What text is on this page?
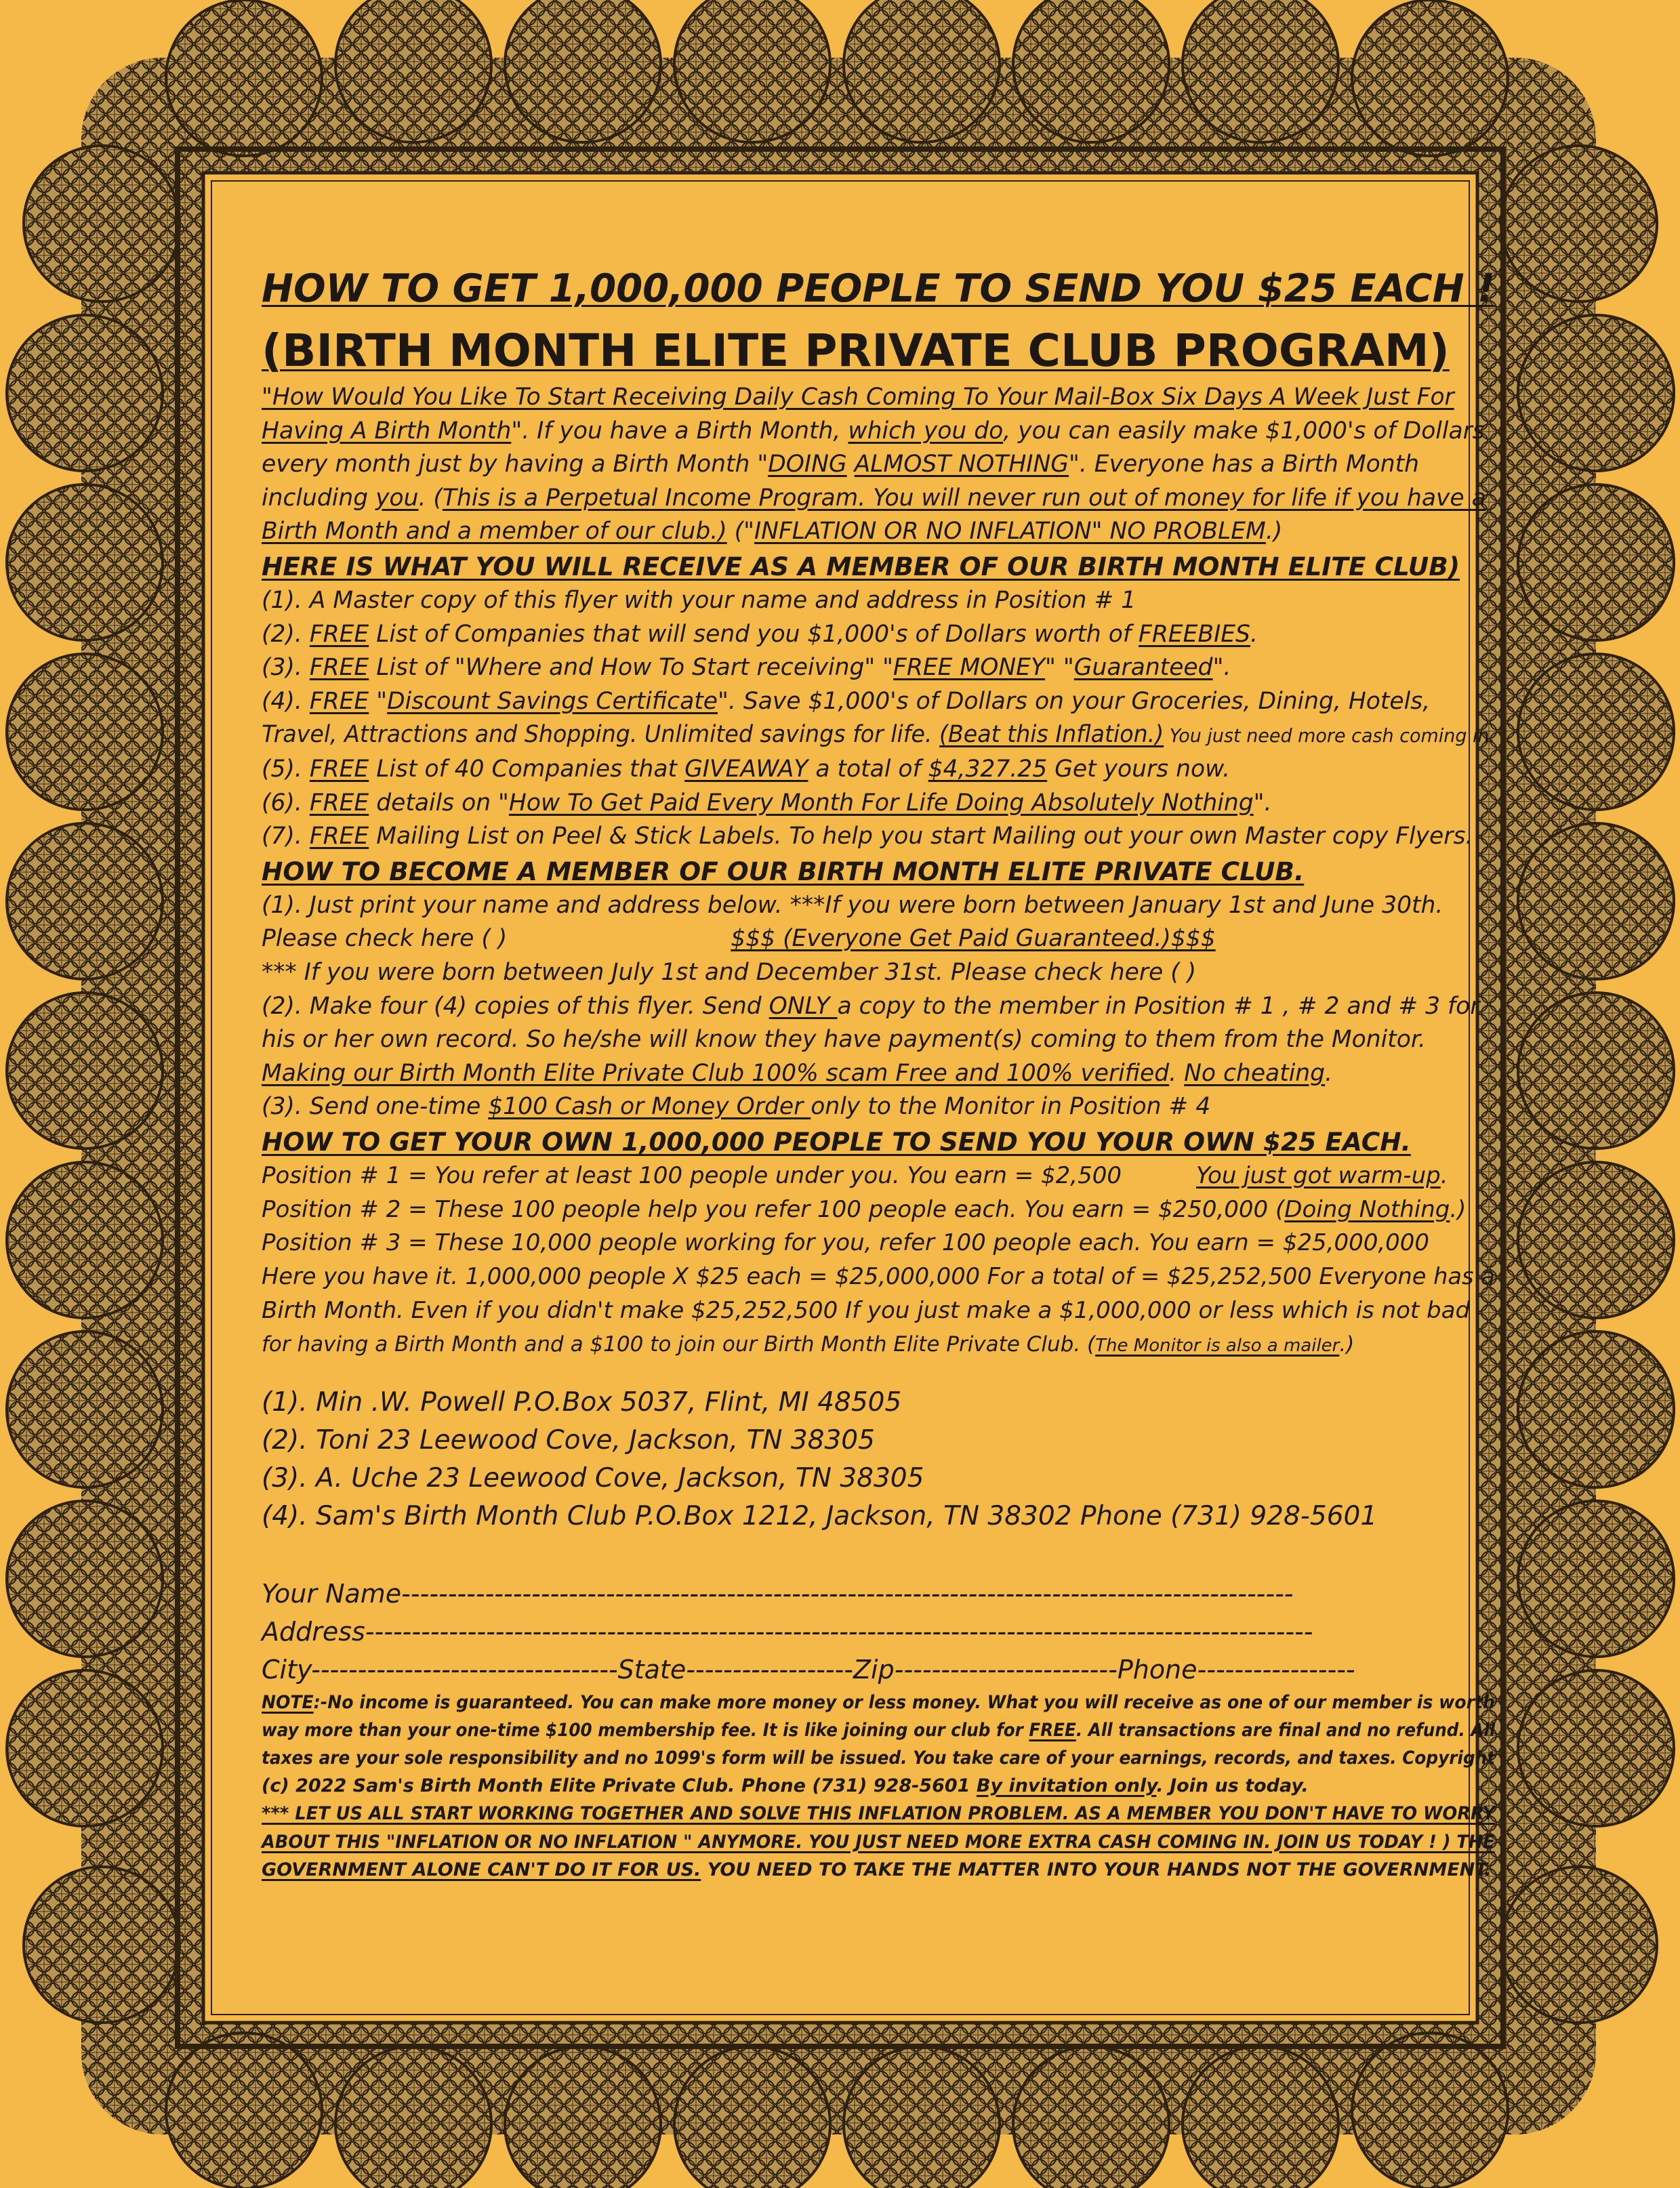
HOW TO GET 1,000,000 PEOPLE TO SEND YOU $25 EACH !
(BIRTH MONTH ELITE PRIVATE CLUB PROGRAM)
"How Would You Like To Start Receiving Daily Cash Coming To Your Mail-Box Six Days A Week Just For
Having A Birth Month". If you have a Birth Month, which you do, you can easily make $1,000's of Dollars
every month just by having a Birth Month "DOING ALMOST NOTHING". Everyone has a Birth Month
including you. (This is a Perpetual Income Program. You will never run out of money for life if you have a
Birth Month and a member of our club.) ("INFLATION OR NO INFLATION" NO PROBLEM.)
HERE IS WHAT YOU WILL RECEIVE AS A MEMBER OF OUR BIRTH MONTH ELITE CLUB)
(1). A Master copy of this flyer with your name and address in Position # 1
(2). FREE List of Companies that will send you $1,000's of Dollars worth of FREEBIES.
(3). FREE List of "Where and How To Start receiving" "FREE MONEY" "Guaranteed".
(4). FREE "Discount Savings Certificate". Save $1,000's of Dollars on your Groceries, Dining, Hotels,
Travel, Attractions and Shopping. Unlimited savings for life. (Beat this Inflation.) You just need more cash coming in.
(5). FREE List of 40 Companies that GIVEAWAY a total of $4,327.25 Get yours now.
(6). FREE details on "How To Get Paid Every Month For Life Doing Absolutely Nothing".
(7). FREE Mailing List on Peel & Stick Labels. To help you start Mailing out your own Master copy Flyers.
HOW TO BECOME A MEMBER OF OUR BIRTH MONTH ELITE PRIVATE CLUB.
(1). Just print your name and address below. ***If you were born between January 1st and June 30th.
Please check here ( )	$$$ (Everyone Get Paid Guaranteed.)$$$
*** If you were born between July 1st and December 31st. Please check here ( )
(2). Make four (4) copies of this flyer. Send ONLY a copy to the member in Position # 1 , # 2 and # 3 for
his or her own record. So he/she will know they have payment(s) coming to them from the Monitor.
Making our Birth Month Elite Private Club 100% scam Free and 100% verified. No cheating.
(3). Send one-time $100 Cash or Money Order only to the Monitor in Position # 4
HOW TO GET YOUR OWN 1,000,000 PEOPLE TO SEND YOU YOUR OWN $25 EACH.
Position # 1 = You refer at least 100 people under you. You earn = $2,500	You just got warm-up.
Position # 2 = These 100 people help you refer 100 people each. You earn = $250,000 (Doing Nothing.)
Position # 3 = These 10,000 people working for you, refer 100 people each. You earn = $25,000,000
Here you have it. 1,000,000 people X $25 each = $25,000,000 For a total of = $25,252,500 Everyone has a
Birth Month. Even if you didn't make $25,252,500 If you just make a $1,000,000 or less which is not bad
for having a Birth Month and a $100 to join our Birth Month Elite Private Club. (The Monitor is also a mailer.)
(1). Min .W. Powell P.O.Box 5037, Flint, MI 48505
(2). Toni 23 Leewood Cove, Jackson, TN 38305
(3). A. Uche 23 Leewood Cove, Jackson, TN 38305
(4). Sam's Birth Month Club P.O.Box 1212, Jackson, TN 38302 Phone (731) 928-5601
Your Name------------------------------------------------------------------------------------------------
Address------------------------------------------------------------------------------------------------------
City---------------------------------State------------------Zip------------------------Phone-----------------
NOTE:-No income is guaranteed. You can make more money or less money. What you will receive as one of our member is worth
way more than your one-time $100 membership fee. It is like joining our club for FREE. All transactions are final and no refund. All
taxes are your sole responsibility and no 1099's form will be issued. You take care of your earnings, records, and taxes. Copyright
(c) 2022 Sam's Birth Month Elite Private Club. Phone (731) 928-5601 By invitation only. Join us today.
*** LET US ALL START WORKING TOGETHER AND SOLVE THIS INFLATION PROBLEM. AS A MEMBER YOU DON'T HAVE TO WORRY
ABOUT THIS "INFLATION OR NO INFLATION " ANYMORE. YOU JUST NEED MORE EXTRA CASH COMING IN. JOIN US TODAY ! ) THE
GOVERNMENT ALONE CAN'T DO IT FOR US. YOU NEED TO TAKE THE MATTER INTO YOUR HANDS NOT THE GOVERNMENT.
